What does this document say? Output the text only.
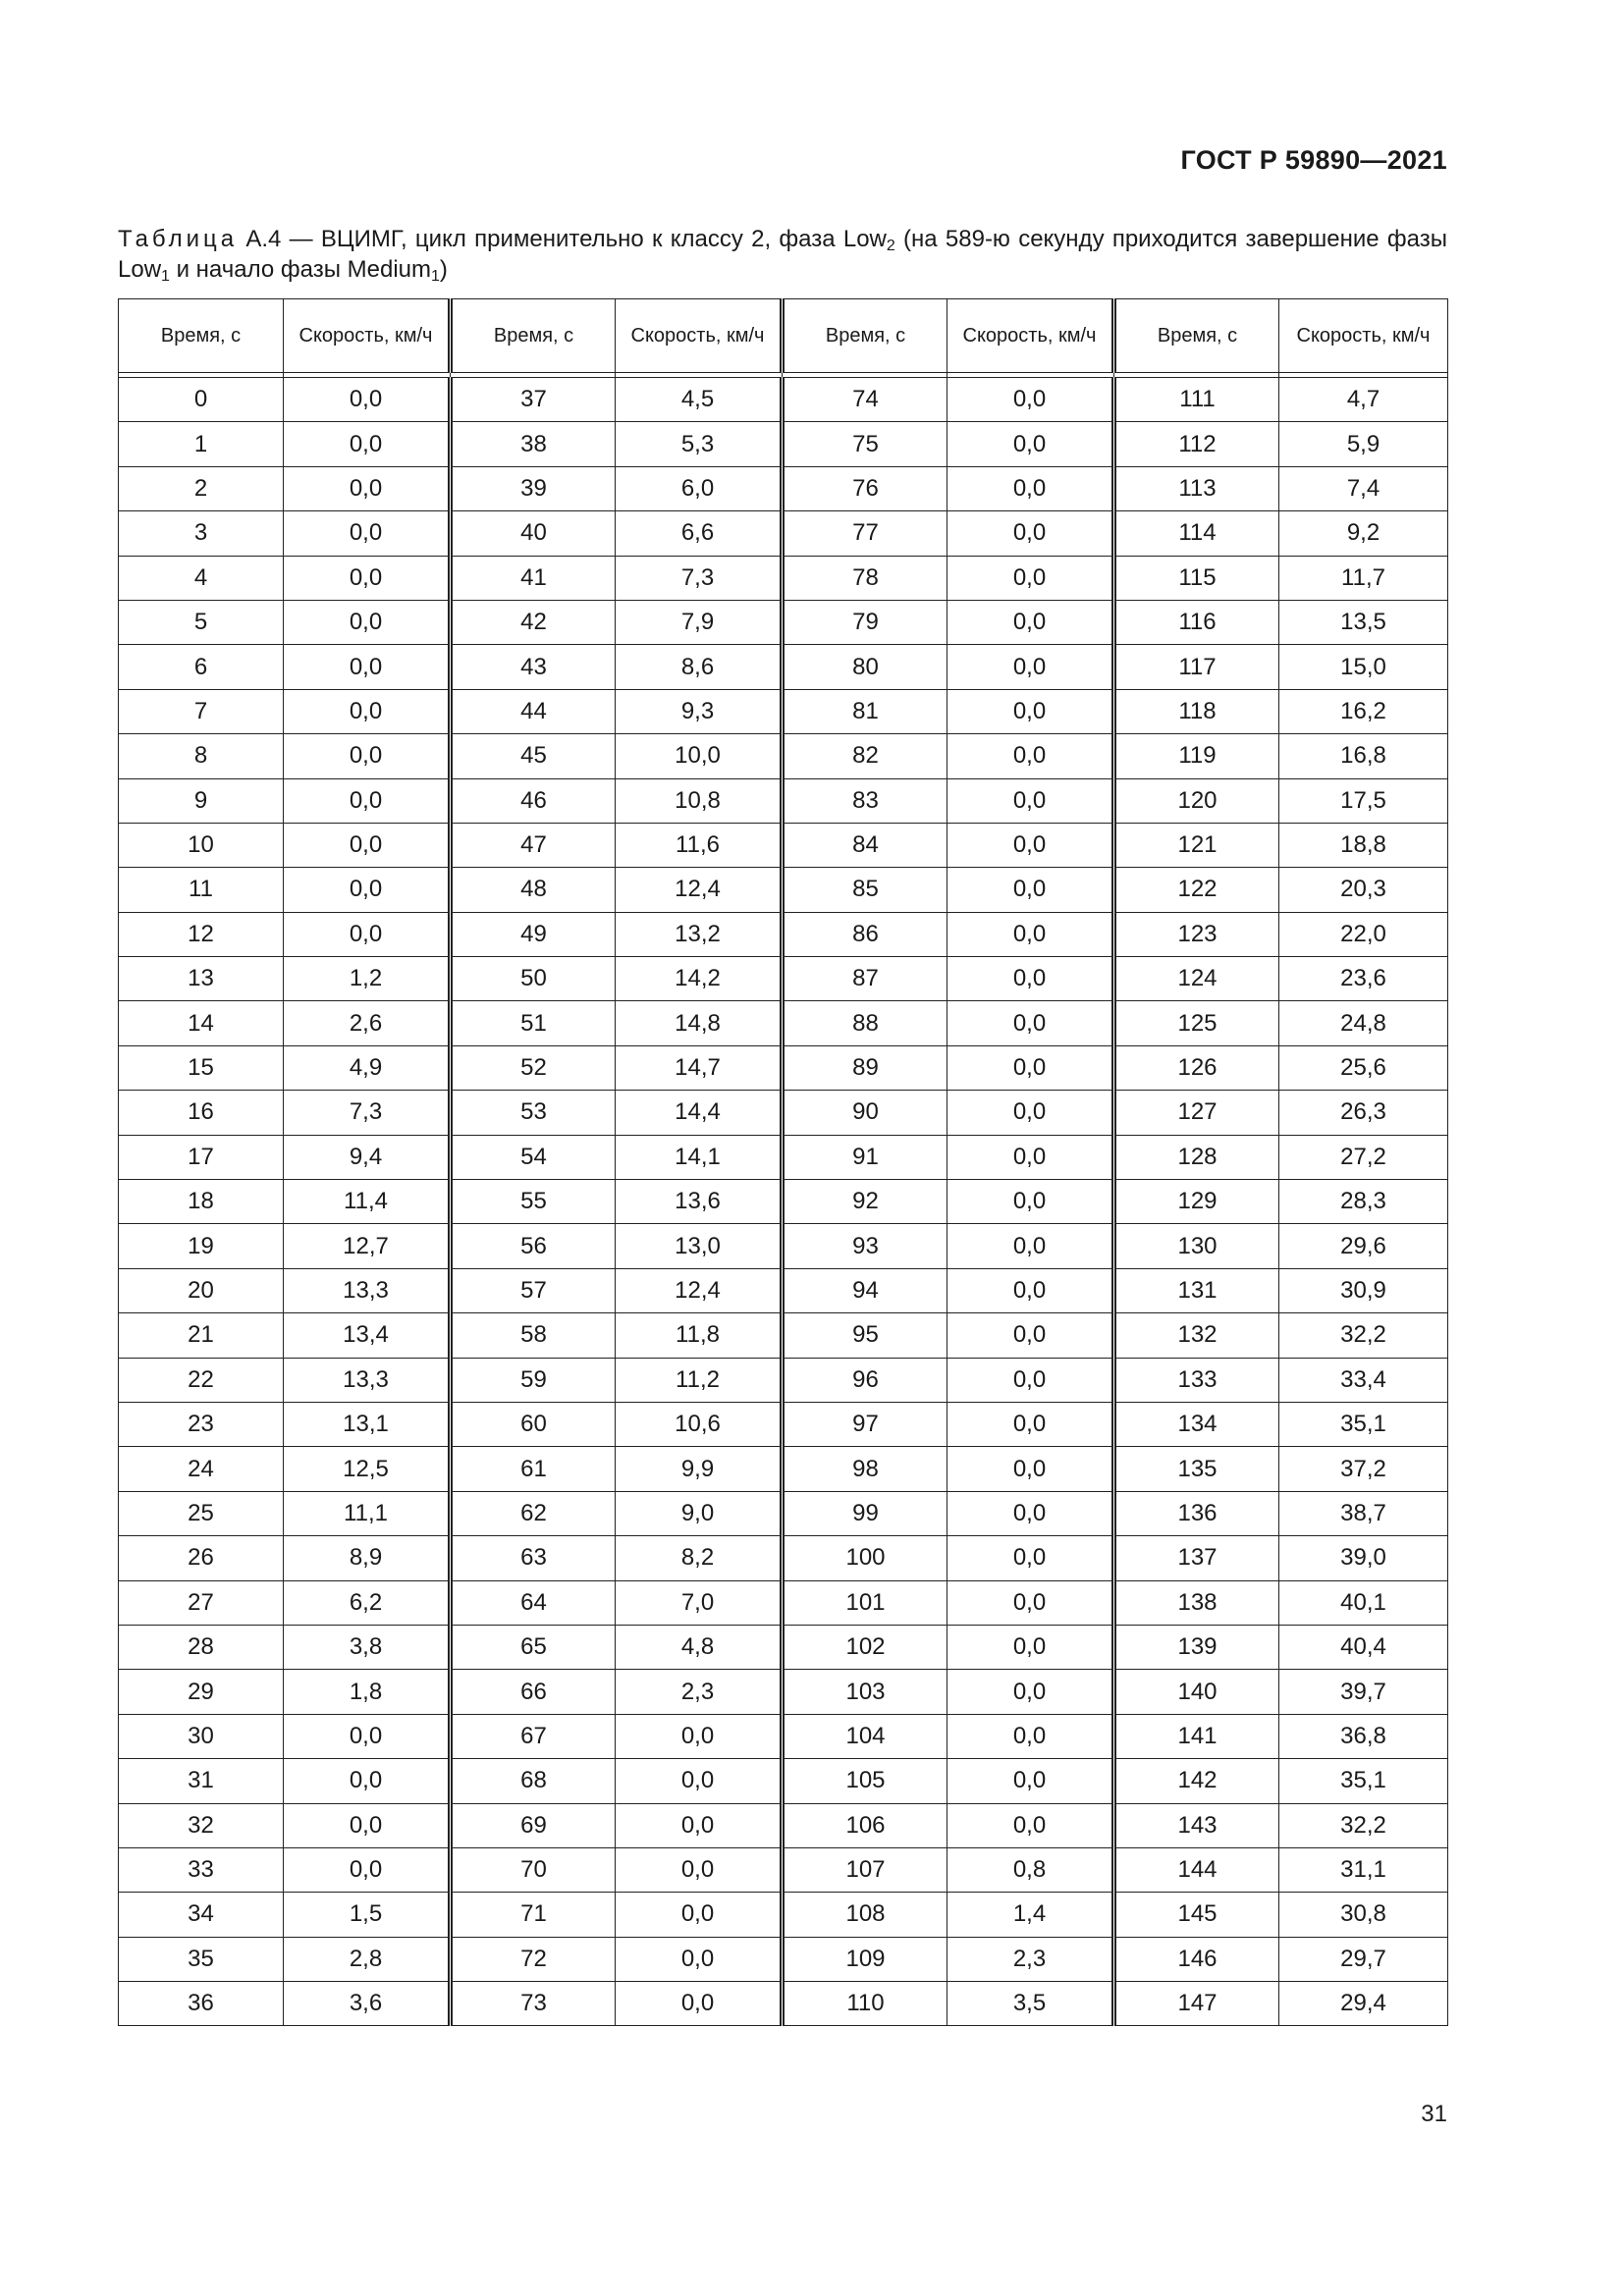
ГОСТ Р 59890—2021
Таблица А.4 — ВЦИМГ, цикл применительно к классу 2, фаза Low$_2$ (на 589-ю секунду приходится завершение фазы Low$_1$ и начало фазы Medium$_1$)
Время, с	Скорость, км/ч	Время, с	Скорость, км/ч	Время, с	Скорость, км/ч	Время, с	Скорость, км/ч

0	0,0	37	4,5	74	0,0	111	4,7
1	0,0	38	5,3	75	0,0	112	5,9
2	0,0	39	6,0	76	0,0	113	7,4
3	0,0	40	6,6	77	0,0	114	9,2
4	0,0	41	7,3	78	0,0	115	11,7
5	0,0	42	7,9	79	0,0	116	13,5
6	0,0	43	8,6	80	0,0	117	15,0
7	0,0	44	9,3	81	0,0	118	16,2
8	0,0	45	10,0	82	0,0	119	16,8
9	0,0	46	10,8	83	0,0	120	17,5
10	0,0	47	11,6	84	0,0	121	18,8
11	0,0	48	12,4	85	0,0	122	20,3
12	0,0	49	13,2	86	0,0	123	22,0
13	1,2	50	14,2	87	0,0	124	23,6
14	2,6	51	14,8	88	0,0	125	24,8
15	4,9	52	14,7	89	0,0	126	25,6
16	7,3	53	14,4	90	0,0	127	26,3
17	9,4	54	14,1	91	0,0	128	27,2
18	11,4	55	13,6	92	0,0	129	28,3
19	12,7	56	13,0	93	0,0	130	29,6
20	13,3	57	12,4	94	0,0	131	30,9
21	13,4	58	11,8	95	0,0	132	32,2
22	13,3	59	11,2	96	0,0	133	33,4
23	13,1	60	10,6	97	0,0	134	35,1
24	12,5	61	9,9	98	0,0	135	37,2
25	11,1	62	9,0	99	0,0	136	38,7
26	8,9	63	8,2	100	0,0	137	39,0
27	6,2	64	7,0	101	0,0	138	40,1
28	3,8	65	4,8	102	0,0	139	40,4
29	1,8	66	2,3	103	0,0	140	39,7
30	0,0	67	0,0	104	0,0	141	36,8
31	0,0	68	0,0	105	0,0	142	35,1
32	0,0	69	0,0	106	0,0	143	32,2
33	0,0	70	0,0	107	0,8	144	31,1
34	1,5	71	0,0	108	1,4	145	30,8
35	2,8	72	0,0	109	2,3	146	29,7
36	3,6	73	0,0	110	3,5	147	29,4
31
